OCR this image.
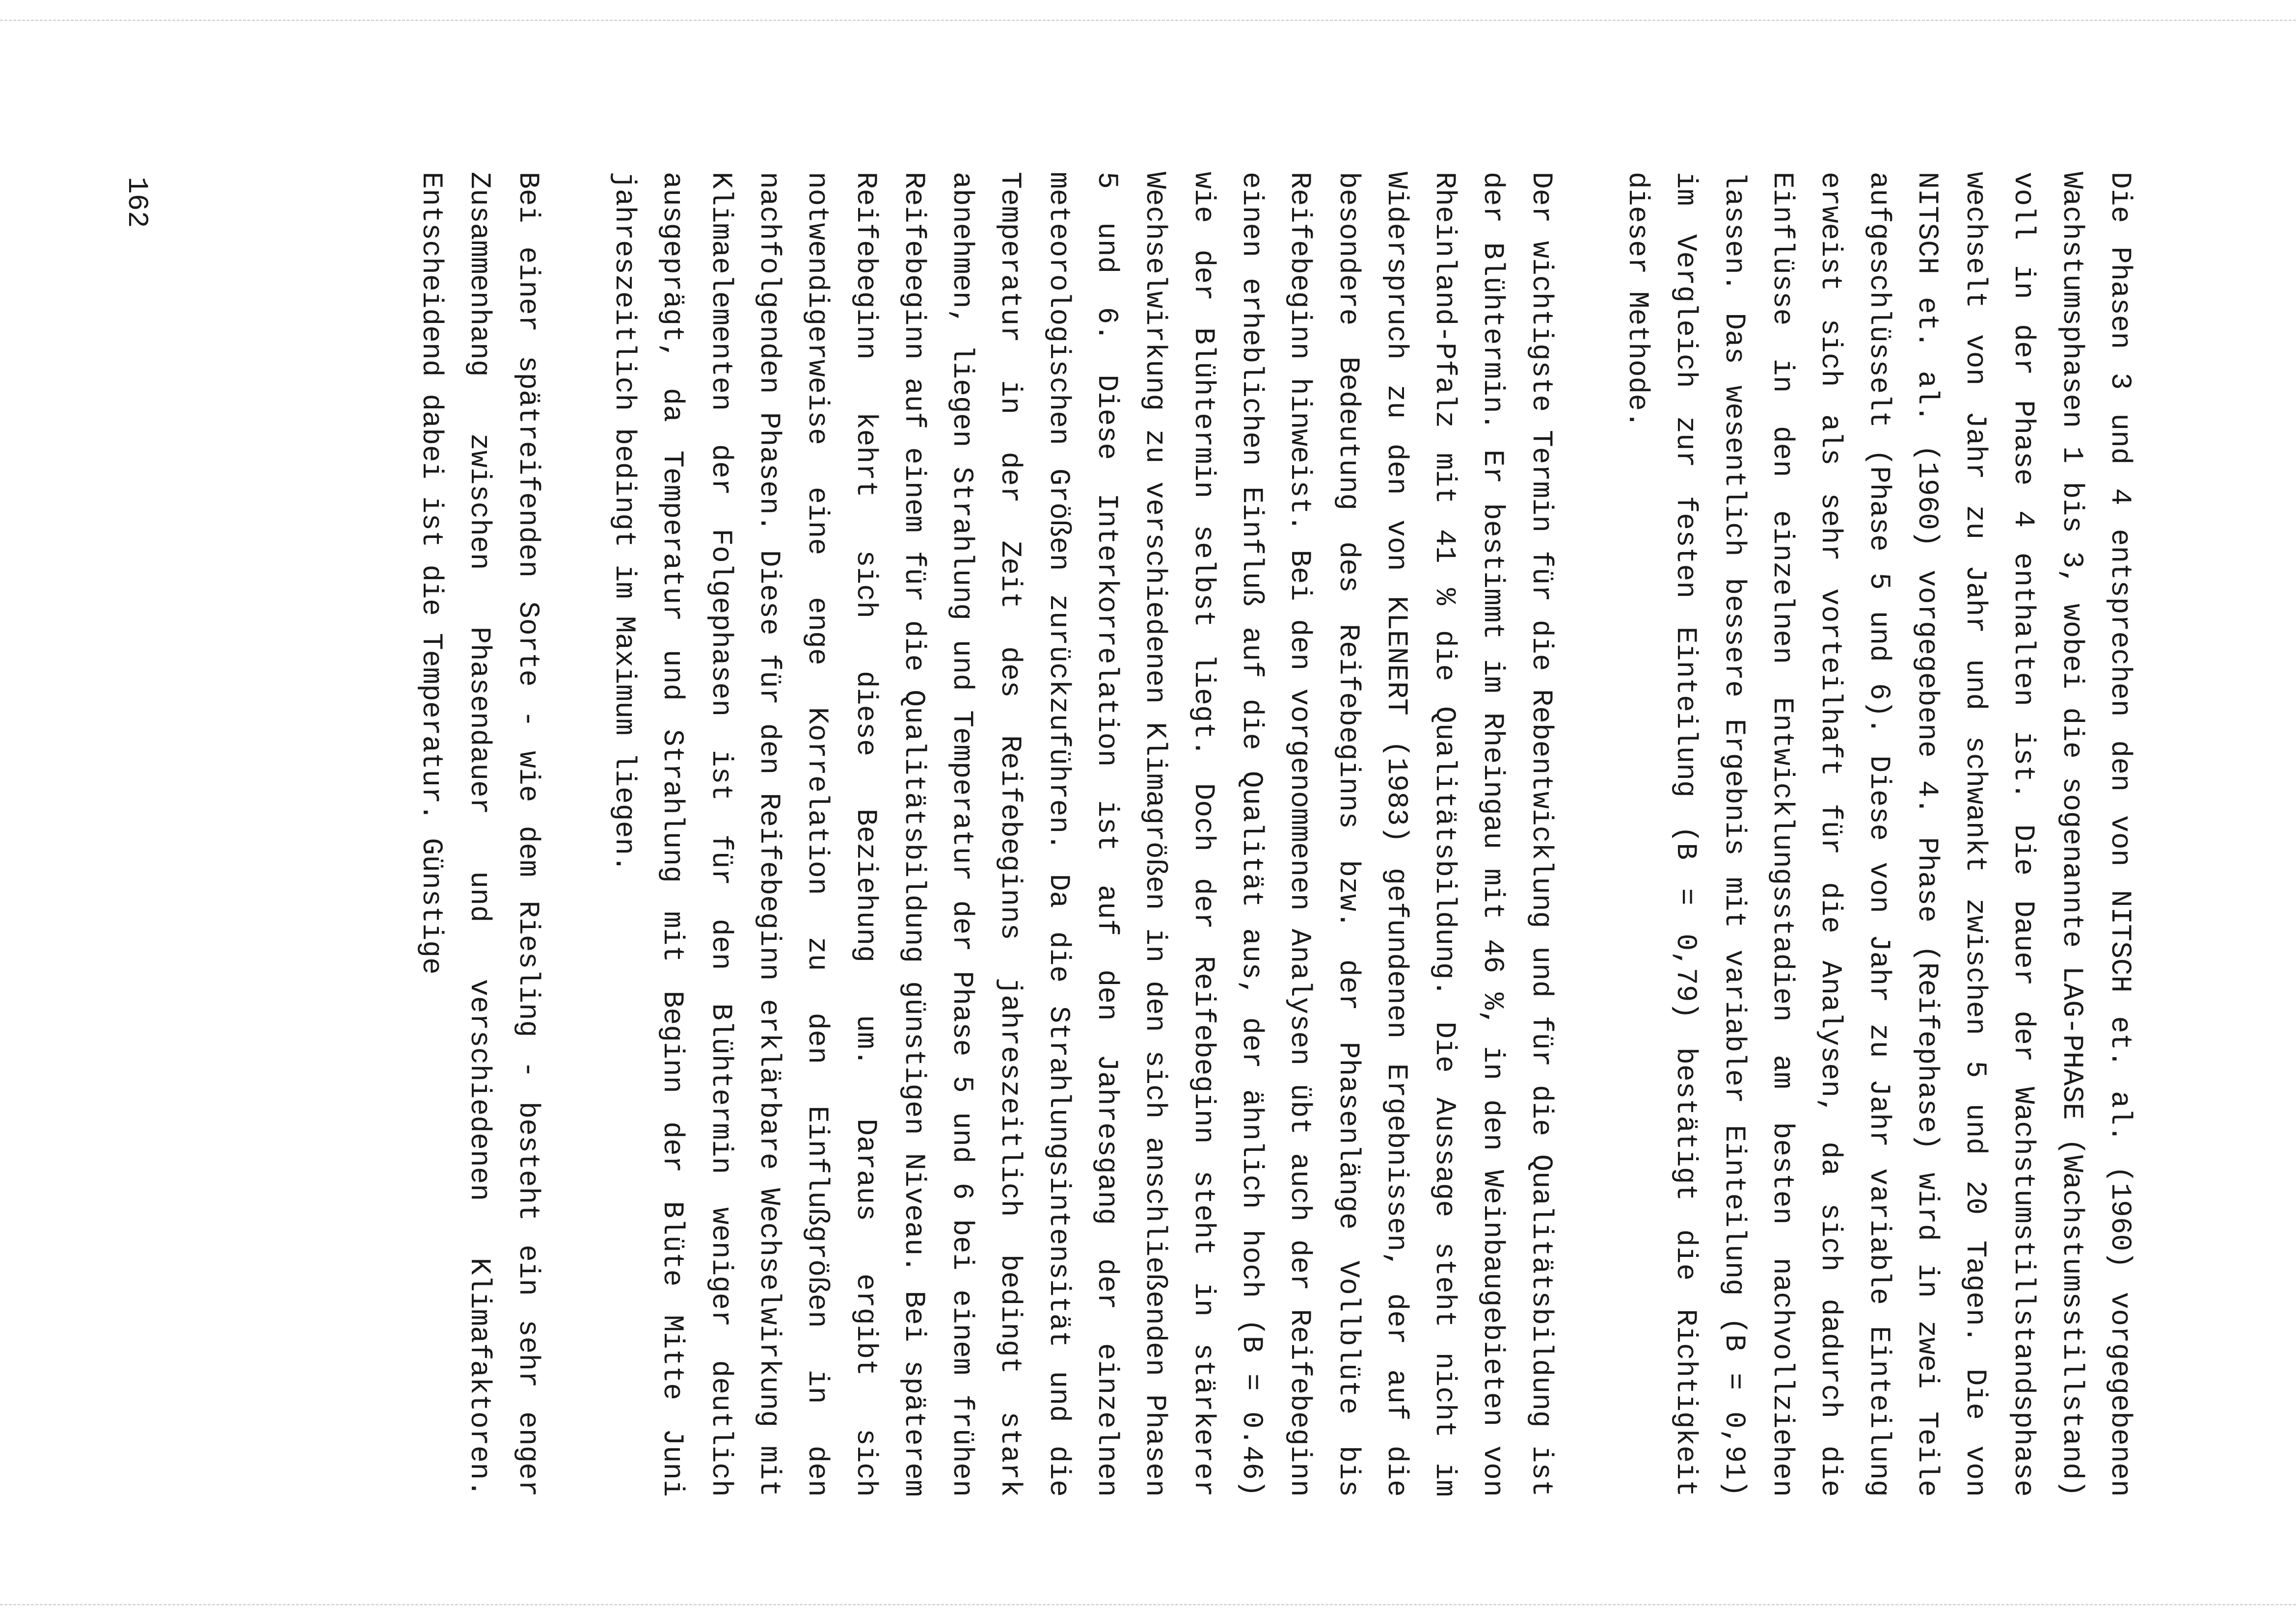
Die Phasen 3 und 4 entsprechen den von NITSCH et. al. (1960) vorgegebenen Wachstumsphasen 1 bis 3, wobei die sogenannte LAG-PHASE (Wachstumsstillstand) voll in der Phase 4 enthalten ist. Die Dauer der Wachstumstillstandsphase wechselt von Jahr zu Jahr und schwankt zwischen 5 und 20 Tagen. Die von NITSCH et. al. (1960) vorgegebene 4. Phase (Reifephase) wird in zwei Teile aufgeschlüsselt (Phase 5 und 6). Diese von Jahr zu Jahr variable Einteilung erweist sich als sehr vorteilhaft für die Analysen, da sich dadurch die Einflüsse in den einzelnen Entwicklungsstadien am besten nachvollziehen lassen. Das wesentlich bessere Ergebnis mit variabler Einteilung (B = 0,91) im Vergleich zur festen Einteilung (B = 0,79) bestätigt die Richtigkeit dieser Methode.

Der wichtigste Termin für die Rebentwicklung und für die Qualitätsbildung ist der Blühtermin. Er bestimmt im Rheingau mit 46 %, in den Weinbaugebieten von Rheinland-Pfalz mit 41 % die Qualitätsbildung. Die Aussage steht nicht im Widerspruch zu den von KLENERT (1983) gefundenen Ergebnissen, der auf die besondere Bedeutung des Reifebeginns bzw. der Phasenlänge Vollblüte bis Reifebeginn hinweist. Bei den vorgenommenen Analysen übt auch der Reifebeginn einen erheblichen Einfluß auf die Qualität aus, der ähnlich hoch (B = 0.46) wie der Blühtermin selbst liegt. Doch der Reifebeginn steht in stärkerer Wechselwirkung zu verschiedenen Klimagrößen in den sich anschließenden Phasen 5 und 6. Diese Interkorrelation ist auf den Jahresgang der einzelnen meteorologischen Größen zurückzuführen. Da die Strahlungsintensität und die Temperatur in der Zeit des Reifebeginns jahreszeitlich bedingt stark abnehmen, liegen Strahlung und Temperatur der Phase 5 und 6 bei einem frühen Reifebeginn auf einem für die Qualitätsbildung günstigen Niveau. Bei späterem Reifebeginn kehrt sich diese Beziehung um. Daraus ergibt sich notwendigerweise eine enge Korrelation zu den Einflußgrößen in den nachfolgenden Phasen. Diese für den Reifebeginn erklärbare Wechselwirkung mit Klimaelementen der Folgephasen ist für den Blühtermin weniger deutlich ausgeprägt, da Temperatur und Strahlung mit Beginn der Blüte Mitte Juni jahreszeitlich bedingt im Maximum liegen.

Bei einer spätreifenden Sorte - wie dem Riesling - besteht ein sehr enger Zusammenhang zwischen Phasendauer und verschiedenen Klimafaktoren. Entscheidend dabei ist die Temperatur. Günstige

162
